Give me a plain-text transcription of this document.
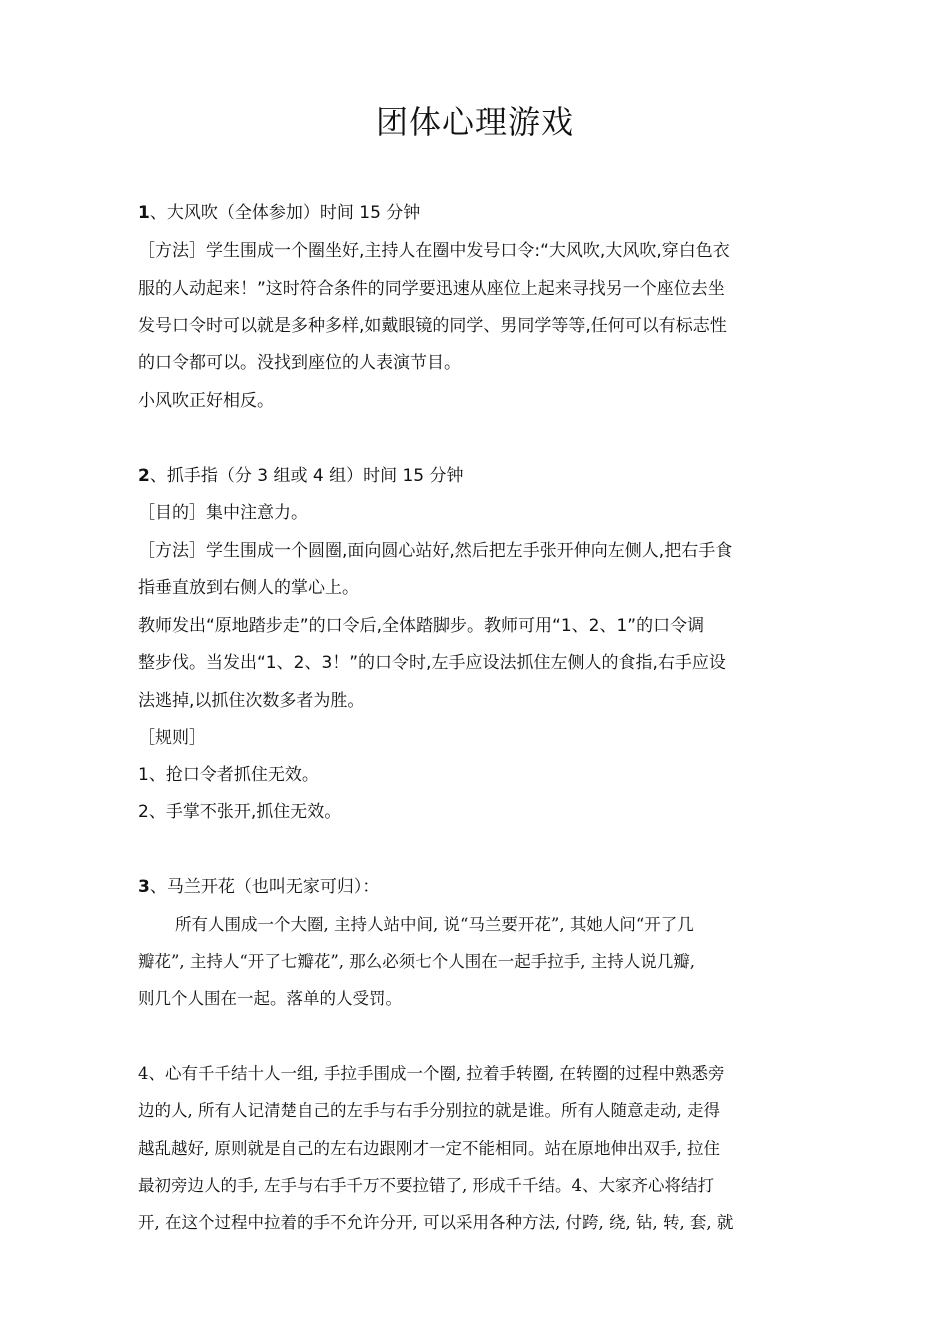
团体心理游戏

1、大风吹（全体参加）时间 15 分钟

［方法］学生围成一个圈坐好,主持人在圈中发号口令:“大风吹,大风吹,穿白色衣

服的人动起来！”这时符合条件的同学要迅速从座位上起来寻找另一个座位去坐

发号口令时可以就是多种多样,如戴眼镜的同学、男同学等等,任何可以有标志性

的口令都可以。没找到座位的人表演节目。

小风吹正好相反。

2、抓手指（分 3 组或 4 组）时间 15 分钟

［目的］集中注意力。

［方法］学生围成一个圆圈,面向圆心站好,然后把左手张开伸向左侧人,把右手食

指垂直放到右侧人的掌心上。

教师发出“原地踏步走”的口令后,全体踏脚步。教师可用“1、2、1”的口令调

整步伐。当发出“1、2、3！”的口令时,左手应设法抓住左侧人的食指,右手应设

法逃掉,以抓住次数多者为胜。

［规则］

1、抢口令者抓住无效。

2、手掌不张开,抓住无效。

3、马兰开花（也叫无家可归）：

所有人围成一个大圈, 主持人站中间, 说“马兰要开花”, 其她人问“开了几

瓣花”, 主持人“开了七瓣花”, 那么必须七个人围在一起手拉手, 主持人说几瓣,

则几个人围在一起。落单的人受罚。

4、心有千千结十人一组, 手拉手围成一个圈, 拉着手转圈, 在转圈的过程中熟悉旁

边的人, 所有人记清楚自己的左手与右手分别拉的就是谁。所有人随意走动, 走得

越乱越好, 原则就是自己的左右边跟刚才一定不能相同。站在原地伸出双手, 拉住

最初旁边人的手, 左手与右手千万不要拉错了, 形成千千结。4、大家齐心将结打

开, 在这个过程中拉着的手不允许分开, 可以采用各种方法, 付跨, 绕, 钻, 转, 套, 就
